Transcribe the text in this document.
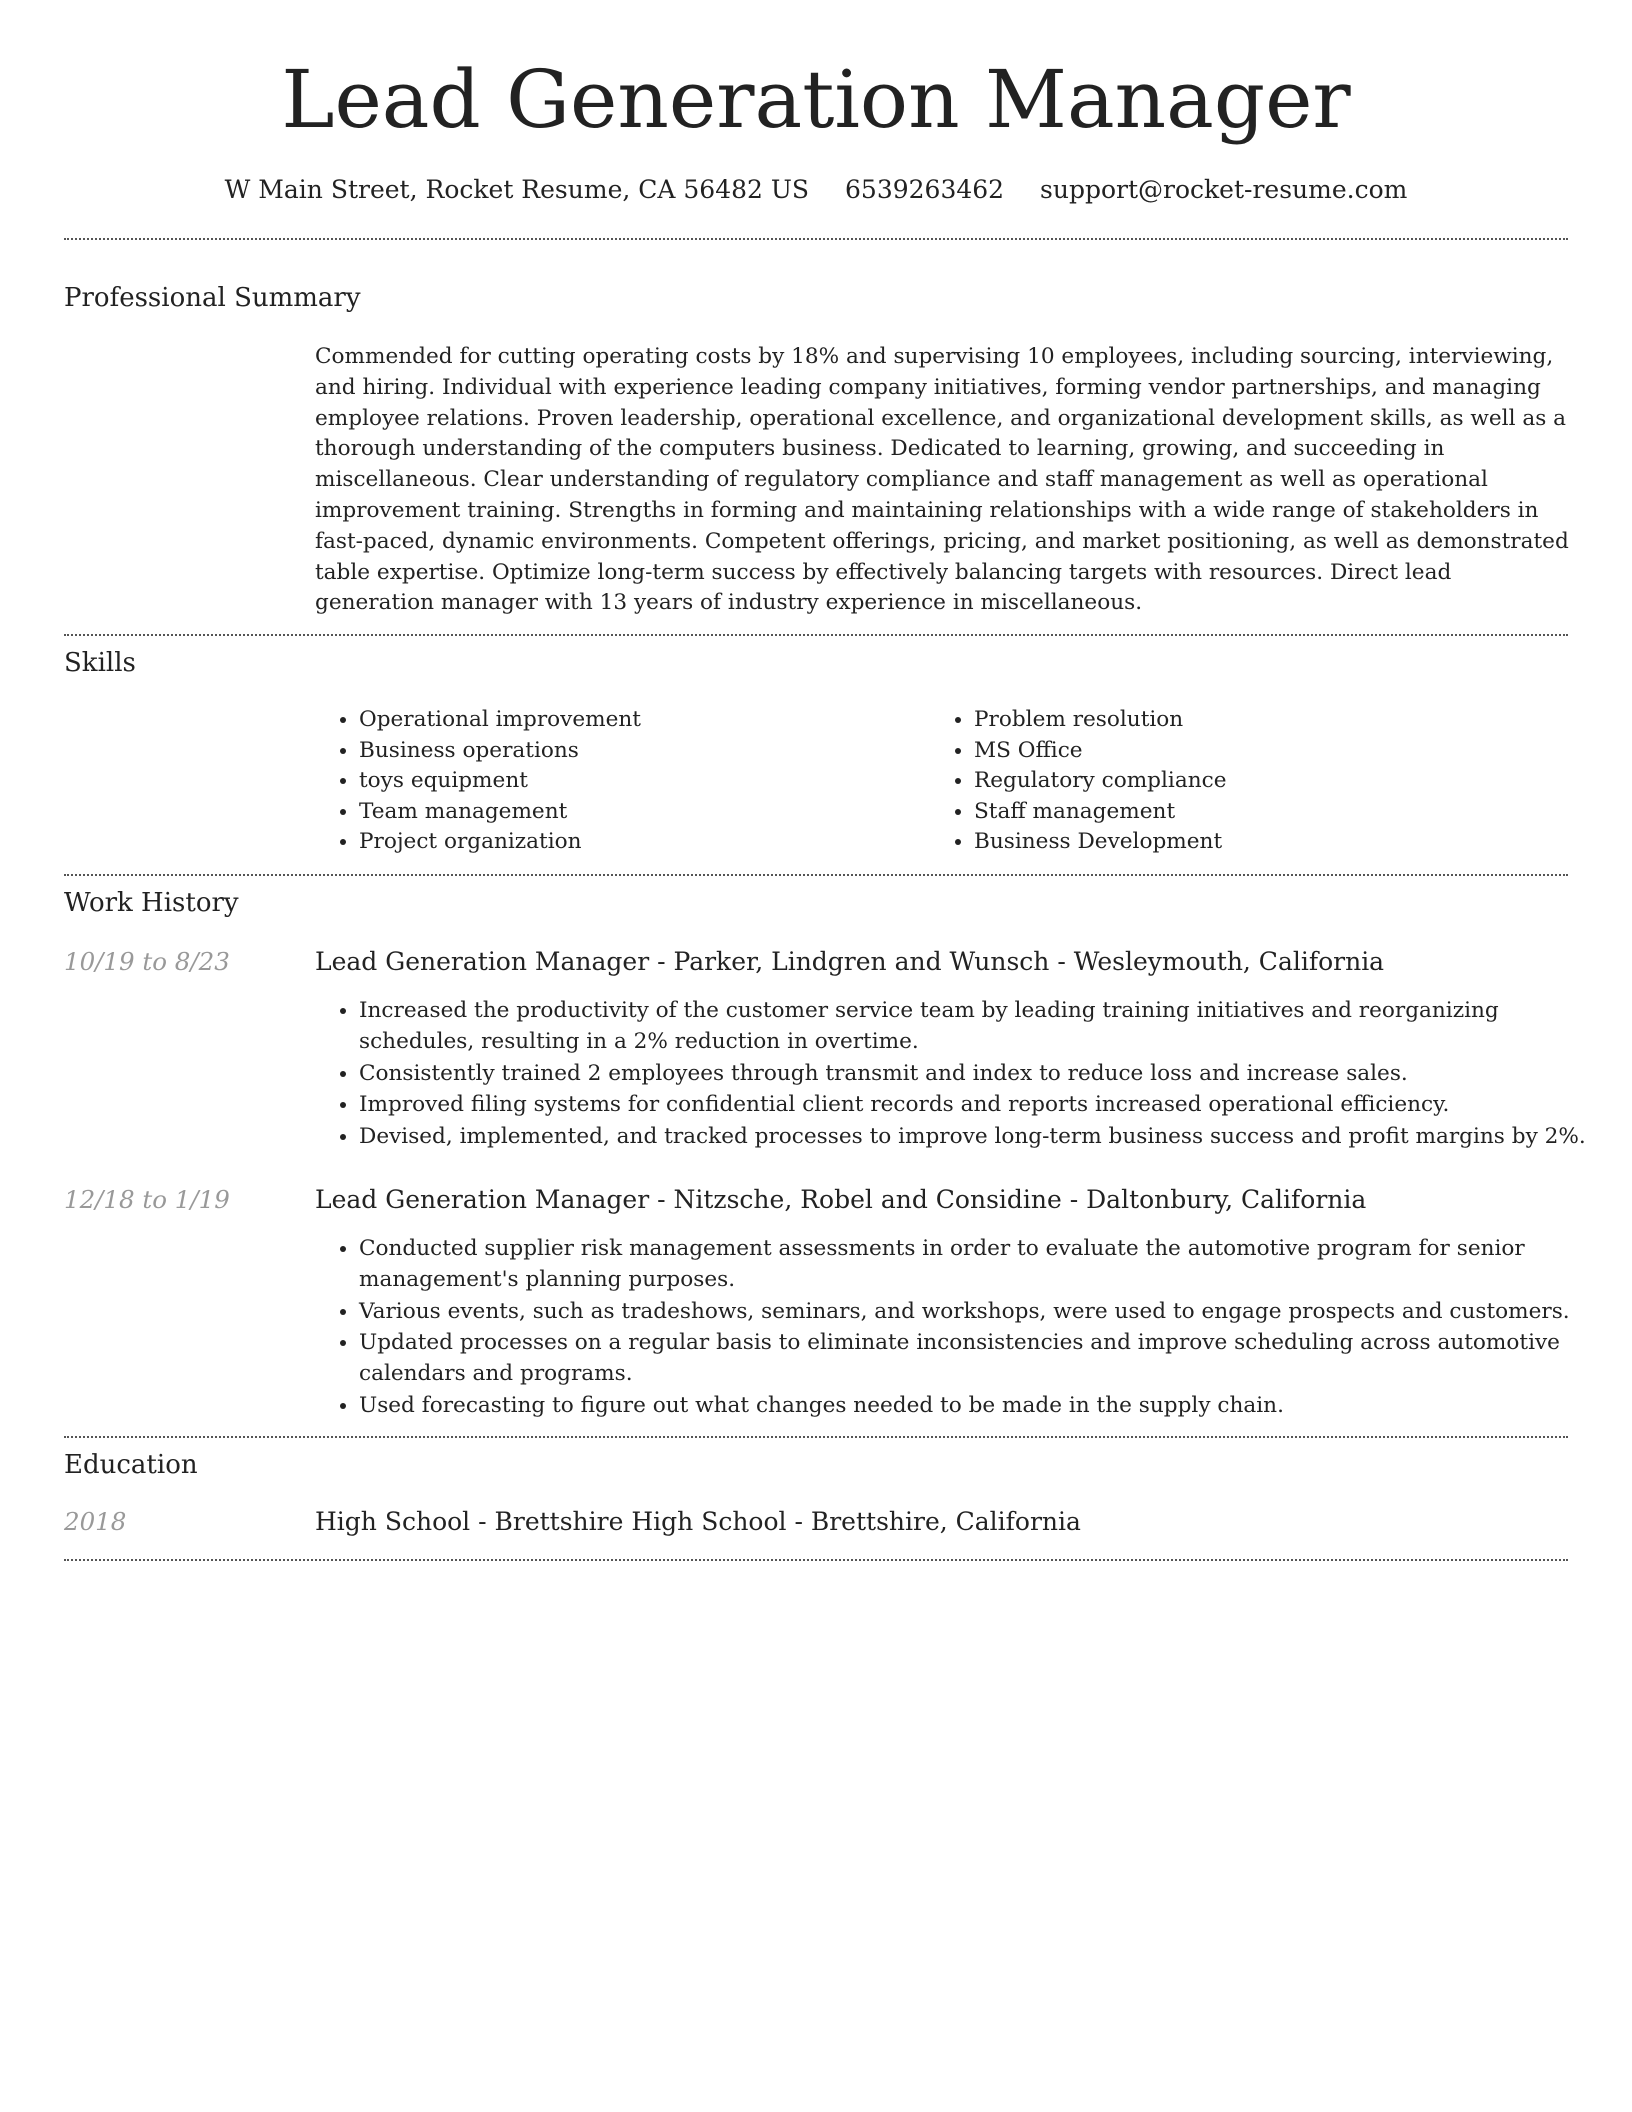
Lead Generation Manager
W Main Street, Rocket Resume, CA 56482 US 6539263462 support@rocket-resume.com
Professional Summary
Commended for cutting operating costs by 18% and supervising 10 employees, including sourcing, interviewing, and hiring. Individual with experience leading company initiatives, forming vendor partnerships, and managing employee relations. Proven leadership, operational excellence, and organizational development skills, as well as a thorough understanding of the computers business. Dedicated to learning, growing, and succeeding in miscellaneous. Clear understanding of regulatory compliance and staff management as well as operational improvement training. Strengths in forming and maintaining relationships with a wide range of stakeholders in fast-paced, dynamic environments. Competent offerings, pricing, and market positioning, as well as demonstrated table expertise. Optimize long-term success by effectively balancing targets with resources. Direct lead generation manager with 13 years of industry experience in miscellaneous.
Skills
• Operational improvement
• Business operations
• toys equipment
• Team management
• Project organization
• Problem resolution
• MS Office
• Regulatory compliance
• Staff management
• Business Development
Work History
10/19 to 8/23	Lead Generation Manager - Parker, Lindgren and Wunsch - Wesleymouth, California
• Increased the productivity of the customer service team by leading training initiatives and reorganizing schedules, resulting in a 2% reduction in overtime.
• Consistently trained 2 employees through transmit and index to reduce loss and increase sales.
• Improved filing systems for confidential client records and reports increased operational efficiency.
• Devised, implemented, and tracked processes to improve long-term business success and profit margins by 2%.
12/18 to 1/19	Lead Generation Manager - Nitzsche, Robel and Considine - Daltonbury, California
• Conducted supplier risk management assessments in order to evaluate the automotive program for senior management's planning purposes.
• Various events, such as tradeshows, seminars, and workshops, were used to engage prospects and customers.
• Updated processes on a regular basis to eliminate inconsistencies and improve scheduling across automotive calendars and programs.
• Used forecasting to figure out what changes needed to be made in the supply chain.
Education
2018	High School - Brettshire High School - Brettshire, California
